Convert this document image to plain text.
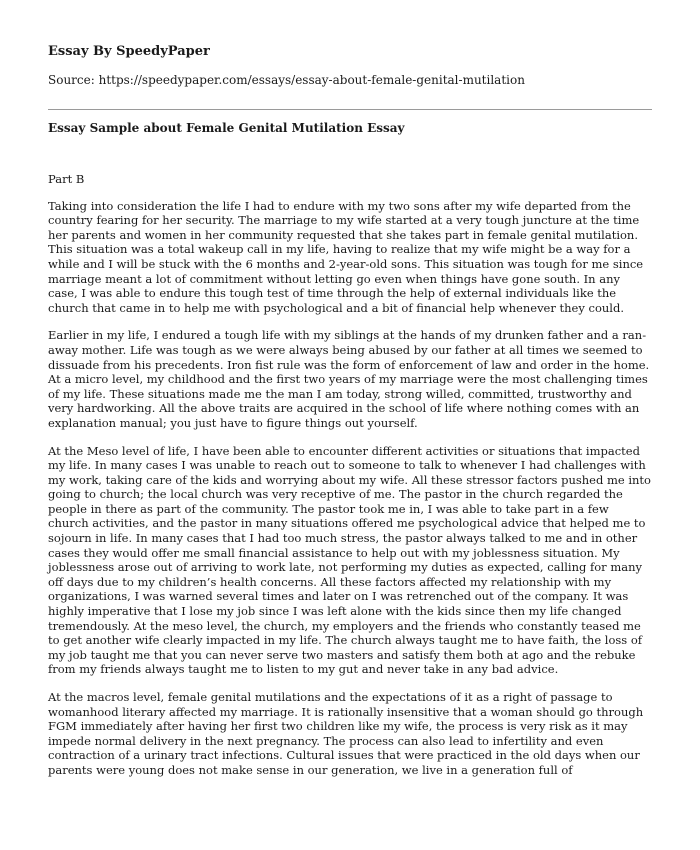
Essay By SpeedyPaper
Source: https://speedypaper.com/essays/essay-about-female-genital-mutilation
Essay Sample about Female Genital Mutilation Essay

Part B

Taking into consideration the life I had to endure with my two sons after my wife departed from the country fearing for her security. The marriage to my wife started at a very tough juncture at the time her parents and women in her community requested that she takes part in female genital mutilation. This situation was a total wakeup call in my life, having to realize that my wife might be a way for a while and I will be stuck with the 6 months and 2-year-old sons. This situation was tough for me since marriage meant a lot of commitment without letting go even when things have gone south. In any case, I was able to endure this tough test of time through the help of external individuals like the church that came in to help me with psychological and a bit of financial help whenever they could.

Earlier in my life, I endured a tough life with my siblings at the hands of my drunken father and a ran-away mother. Life was tough as we were always being abused by our father at all times we seemed to dissuade from his precedents. Iron fist rule was the form of enforcement of law and order in the home. At a micro level, my childhood and the first two years of my marriage were the most challenging times of my life. These situations made me the man I am today, strong willed, committed, trustworthy and very hardworking. All the above traits are acquired in the school of life where nothing comes with an explanation manual; you just have to figure things out yourself.

At the Meso level of life, I have been able to encounter different activities or situations that impacted my life. In many cases I was unable to reach out to someone to talk to whenever I had challenges with my work, taking care of the kids and worrying about my wife. All these stressor factors pushed me into going to church; the local church was very receptive of me. The pastor in the church regarded the people in there as part of the community. The pastor took me in, I was able to take part in a few church activities, and the pastor in many situations offered me psychological advice that helped me to sojourn in life. In many cases that I had too much stress, the pastor always talked to me and in other cases they would offer me small financial assistance to help out with my joblessness situation. My joblessness arose out of arriving to work late, not performing my duties as expected, calling for many off days due to my children’s health concerns. All these factors affected my relationship with my organizations, I was warned several times and later on I was retrenched out of the company. It was highly imperative that I lose my job since I was left alone with the kids since then my life changed tremendously. At the meso level, the church, my employers and the friends who constantly teased me to get another wife clearly impacted in my life. The church always taught me to have faith, the loss of my job taught me that you can never serve two masters and satisfy them both at ago and the rebuke from my friends always taught me to listen to my gut and never take in any bad advice.

At the macros level, female genital mutilations and the expectations of it as a right of passage to womanhood literary affected my marriage. It is rationally insensitive that a woman should go through FGM immediately after having her first two children like my wife, the process is very risk as it may impede normal delivery in the next pregnancy. The process can also lead to infertility and even contraction of a urinary tract infections. Cultural issues that were practiced in the old days when our parents were young does not make sense in our generation, we live in a generation full of
